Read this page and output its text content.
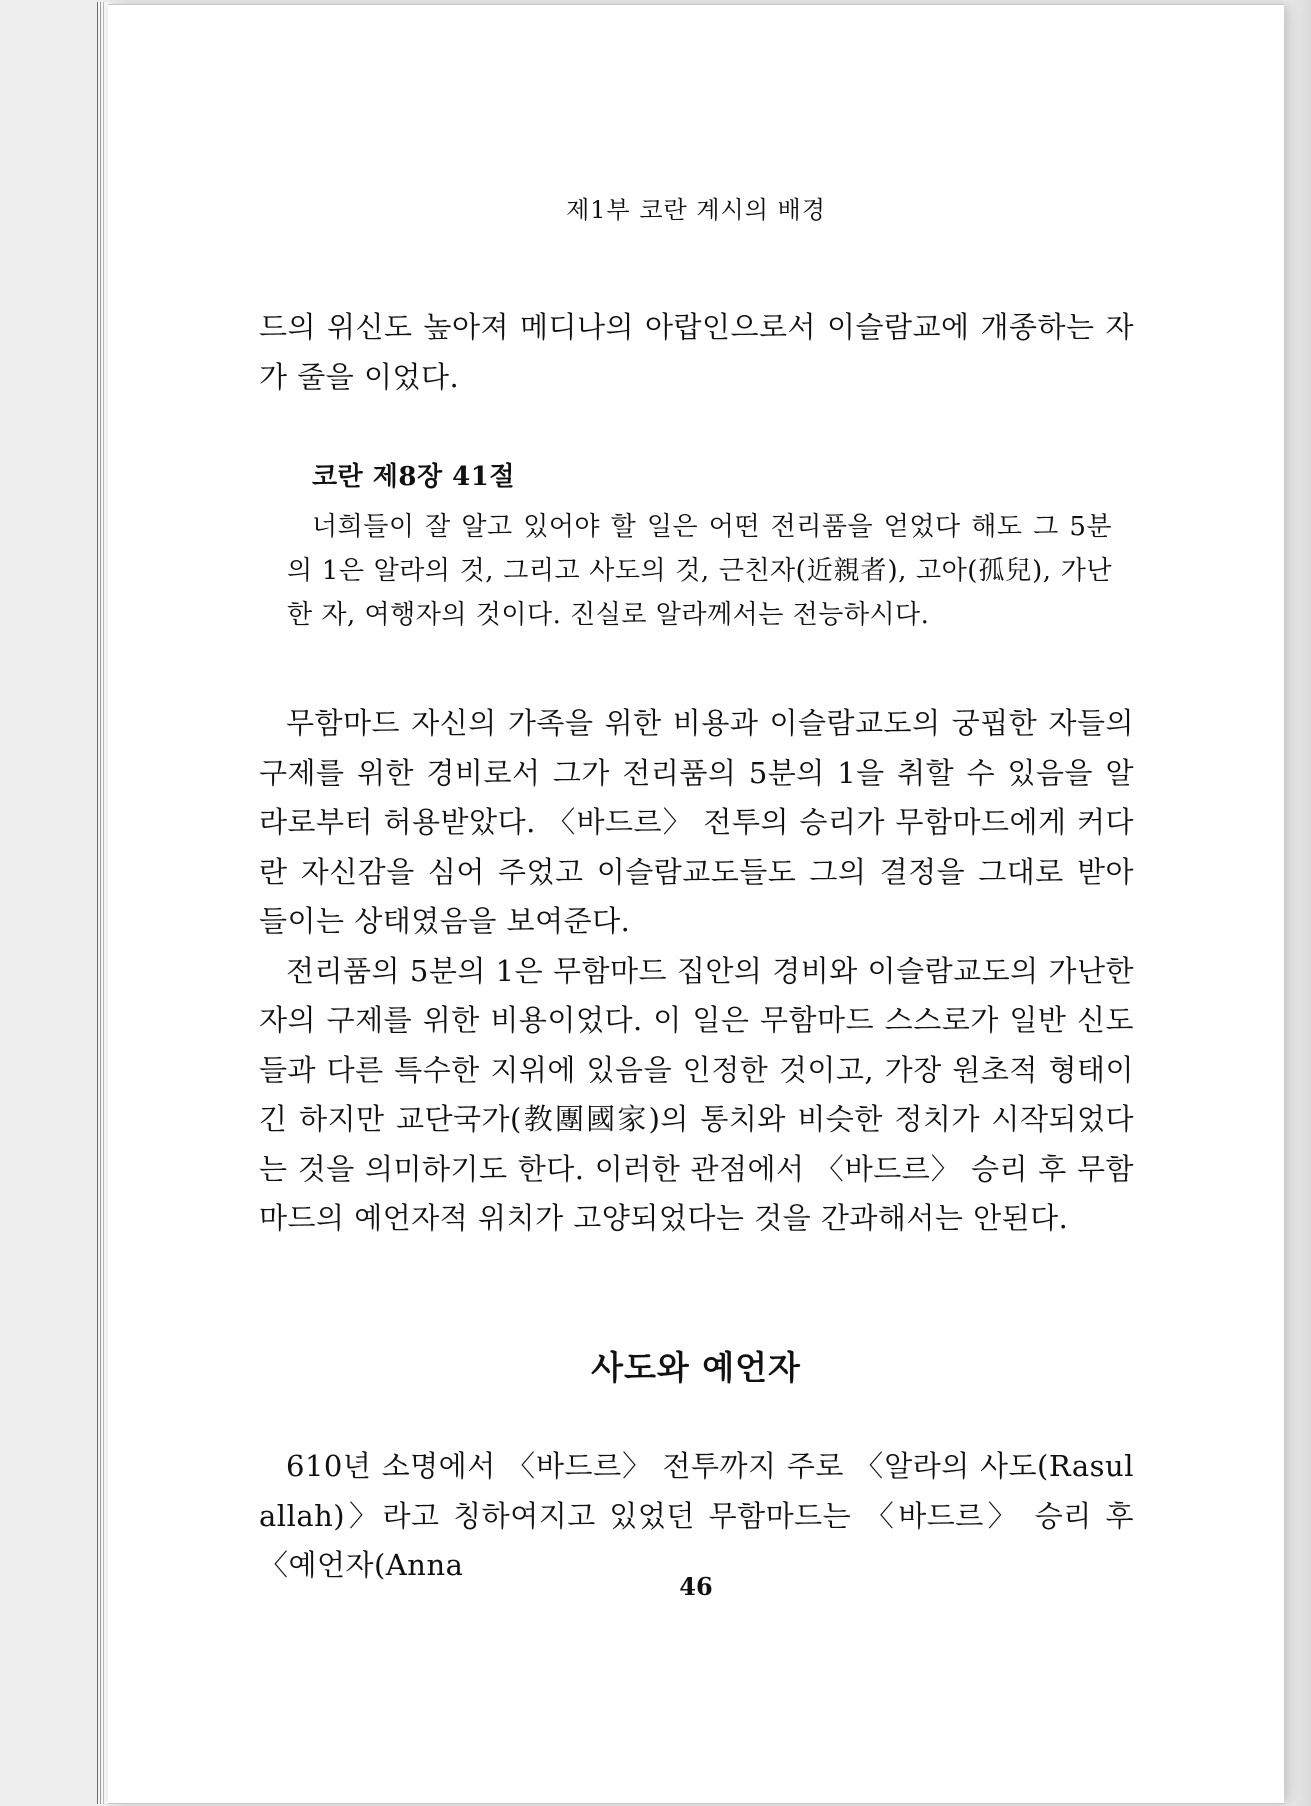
제1부 코란 계시의 배경

드의 위신도 높아져 메디나의 아랍인으로서 이슬람교에 개종하는 자가 줄을 이었다.

코란 제8장 41절

너희들이 잘 알고 있어야 할 일은 어떤 전리품을 얻었다 해도 그 5분의 1은 알라의 것, 그리고 사도의 것, 근친자(近親者), 고아(孤兒), 가난한 자, 여행자의 것이다. 진실로 알라께서는 전능하시다.

무함마드 자신의 가족을 위한 비용과 이슬람교도의 궁핍한 자들의 구제를 위한 경비로서 그가 전리품의 5분의 1을 취할 수 있음을 알라로부터 허용받았다. 〈바드르〉 전투의 승리가 무함마드에게 커다란 자신감을 심어 주었고 이슬람교도들도 그의 결정을 그대로 받아들이는 상태였음을 보여준다.

전리품의 5분의 1은 무함마드 집안의 경비와 이슬람교도의 가난한 자의 구제를 위한 비용이었다. 이 일은 무함마드 스스로가 일반 신도들과 다른 특수한 지위에 있음을 인정한 것이고, 가장 원초적 형태이긴 하지만 교단국가(教團國家)의 통치와 비슷한 정치가 시작되었다는 것을 의미하기도 한다. 이러한 관점에서 〈바드르〉 승리 후 무함마드의 예언자적 위치가 고양되었다는 것을 간과해서는 안된다.

사도와 예언자

610년 소명에서 〈바드르〉 전투까지 주로 〈알라의 사도(Rasul allah)〉라고 칭하여지고 있었던 무함마드는 〈바드르〉 승리 후 〈예언자(Anna

46
